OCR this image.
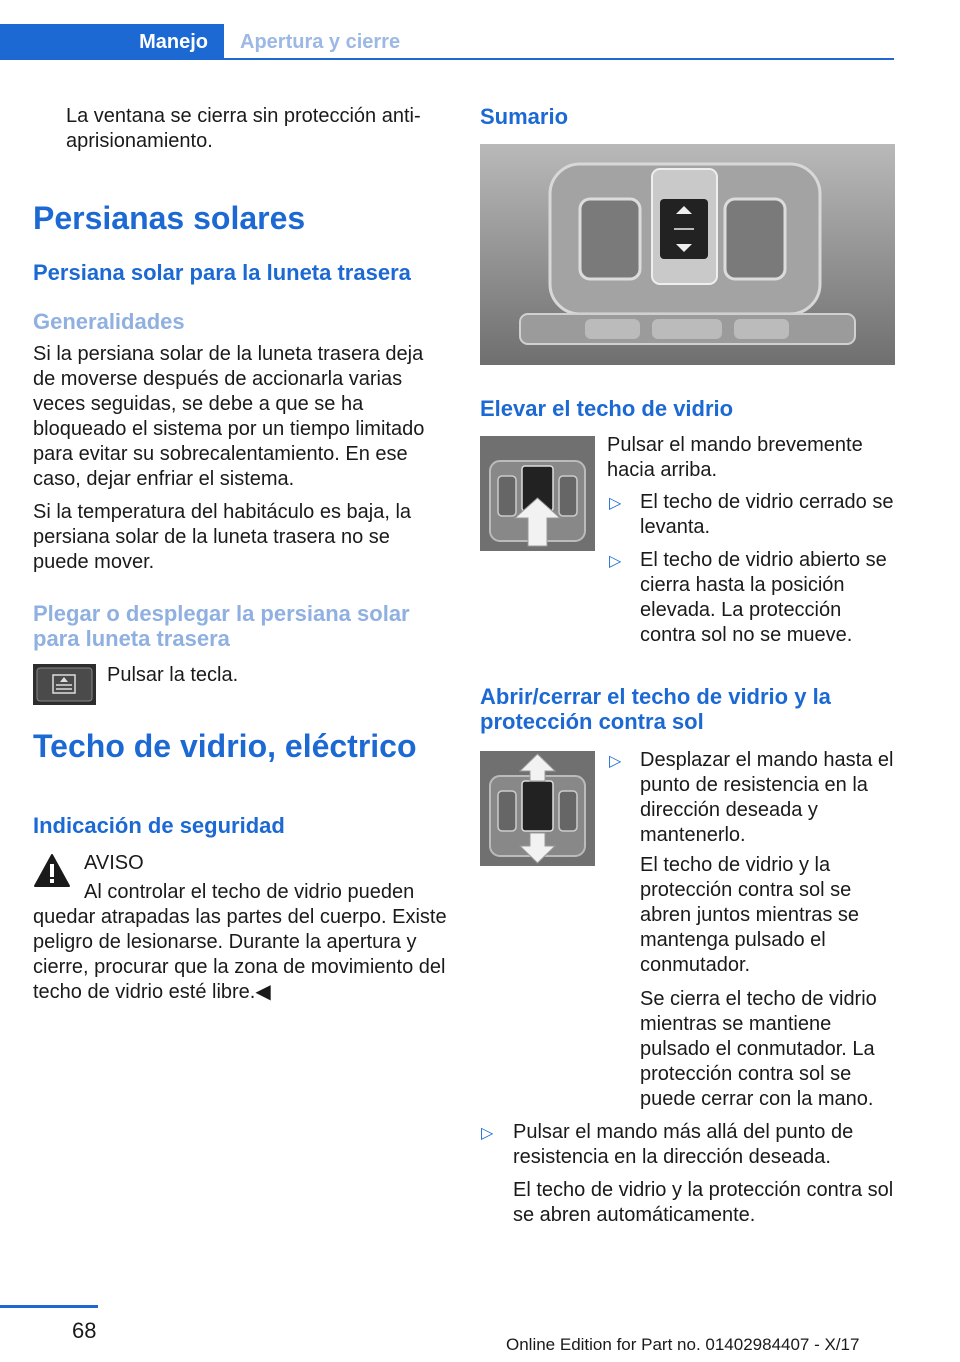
Manejo	Apertura y cierre

La ventana se cierra sin protección anti-

aprisionamiento.

Persianas solares
Persiana solar para la luneta trasera
Generalidades

Si la persiana solar de la luneta trasera deja de moverse después de accionarla varias veces seguidas, se debe a que se ha bloqueado el sistema por un tiempo limitado para evitar su sobrecalentamiento. En ese caso, dejar enfriar el sistema.

Si la temperatura del habitáculo es baja, la persiana solar de la luneta trasera no se puede mover.

Plegar o desplegar la persiana solar para luneta trasera

Pulsar la tecla.

Techo de vidrio, eléctrico
Indicación de seguridad

AVISO

Al controlar el techo de vidrio pueden

quedar atrapadas las partes del cuerpo. Existe peligro de lesionarse. Durante la apertura y cierre, procurar que la zona de movimiento del techo de vidrio esté libre.◀

Sumario
Elevar el techo de vidrio

Pulsar el mando brevemente hacia arriba.

▷ El techo de vidrio cerrado se levanta.

▷ El techo de vidrio abierto se cierra hasta la posición elevada. La protección contra sol no se mueve.

Abrir/cerrar el techo de vidrio y la protección contra sol
▷ Desplazar el mando hasta el punto de resistencia en la dirección deseada y mantenerlo.

El techo de vidrio y la protección contra sol se abren juntos mientras se mantenga pulsado el conmutador.

Se cierra el techo de vidrio mientras se mantiene pulsado el conmutador. La protección contra sol se puede cerrar con la mano.

▷ Pulsar el mando más allá del punto de resistencia en la dirección deseada.

El techo de vidrio y la protección contra sol se abren automáticamente.

68
Online Edition for Part no. 01402984407 - X/17
